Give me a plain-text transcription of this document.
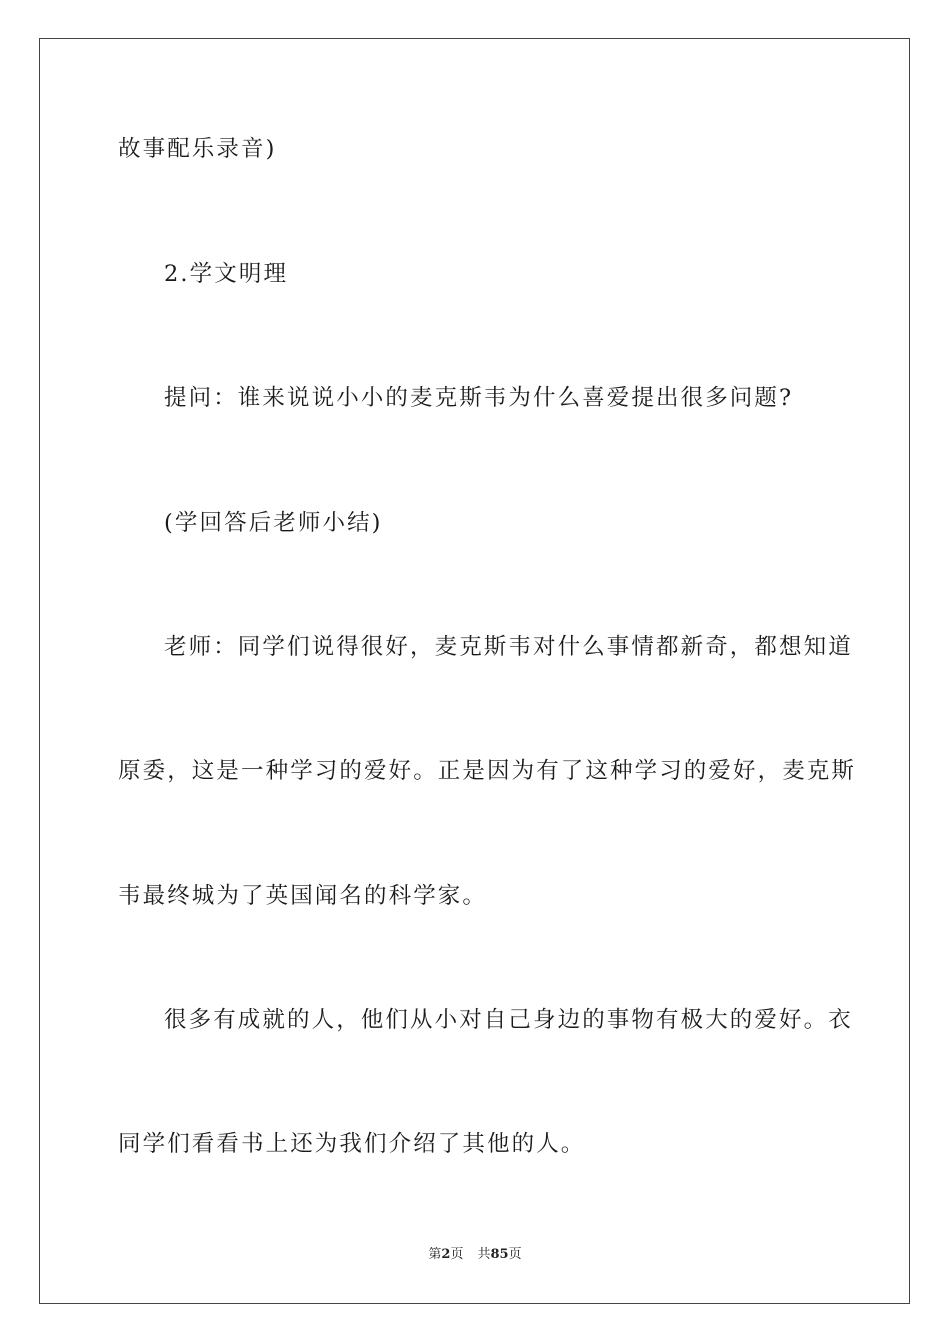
故事配乐录音)
2.学文明理
提问：谁来说说小小的麦克斯韦为什么喜爱提出很多问题?
(学回答后老师小结)
老师：同学们说得很好，麦克斯韦对什么事情都新奇，都想知道
原委，这是一种学习的爱好。正是因为有了这种学习的爱好，麦克斯
韦最终城为了英国闻名的科学家。
很多有成就的人，他们从小对自己身边的事物有极大的爱好。衣
同学们看看书上还为我们介绍了其他的人。
第2页 共85页
